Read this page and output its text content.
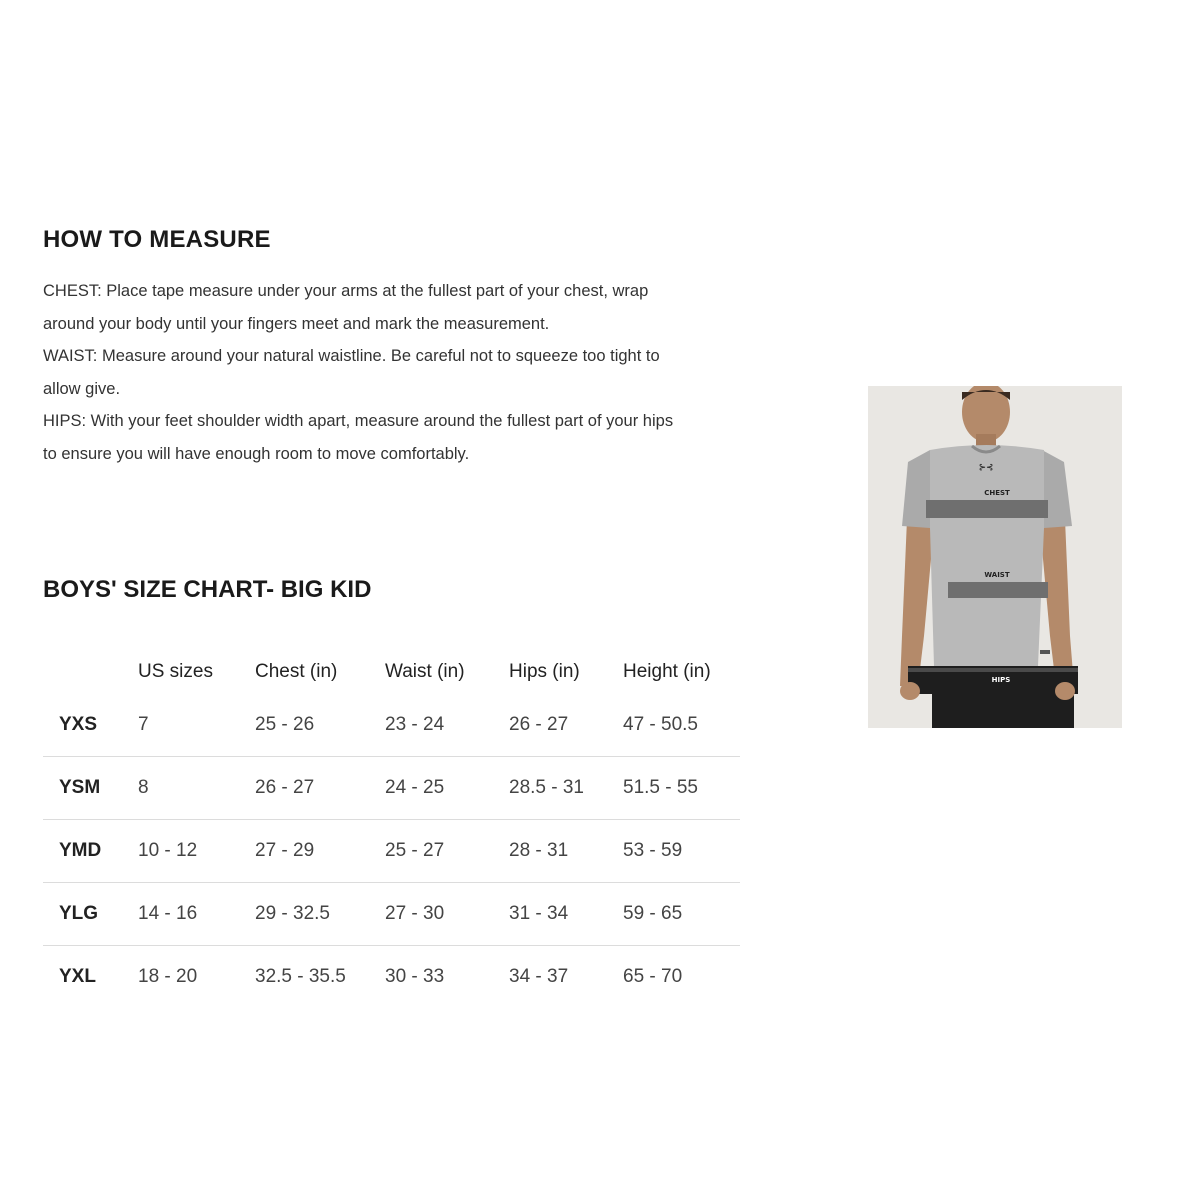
HOW TO MEASURE

CHEST: Place tape measure under your arms at the fullest part of your chest, wrap around your body until your fingers meet and mark the measurement.

WAIST: Measure around your natural waistline. Be careful not to squeeze too tight to allow give.

HIPS: With your feet shoulder width apart, measure around the fullest part of your hips to ensure you will have enough room to move comfortably.

BOYS' SIZE CHART- BIG KID
	US sizes	Chest (in)	Waist (in)	Hips (in)	Height (in)
YXS	7	25 - 26	23 - 24	26 - 27	47 - 50.5
YSM	8	26 - 27	24 - 25	28.5 - 31	51.5 - 55
YMD	10 - 12	27 - 29	25 - 27	28 - 31	53 - 59
YLG	14 - 16	29 - 32.5	27 - 30	31 - 34	59 - 65
YXL	18 - 20	32.5 - 35.5	30 - 33	34 - 37	65 - 70
⊱⊰
CHEST
WAIST
HIPS
